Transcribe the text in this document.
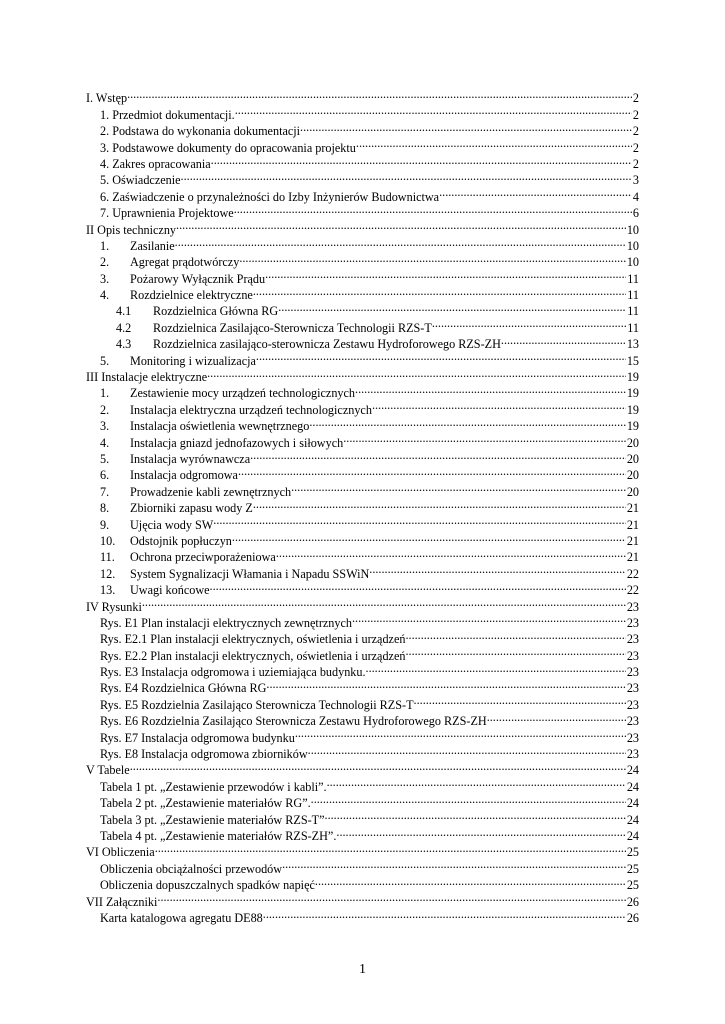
I. Wstęp .....	2
1. Przedmiot dokumentacji. .....	2
2. Podstawa do wykonania dokumentacji .....	2
3. Podstawowe dokumenty do opracowania projektu .....	2
4. Zakres opracowania .....	2
5. Oświadczenie .....	3
6. Zaświadczenie o przynależności do Izby Inżynierów Budownictwa .....	4
7. Uprawnienia Projektowe .....	6
II Opis techniczny .....	10
1.	Zasilanie .....	10
2.	Agregat prądotwórczy .....	10
3.	Pożarowy Wyłącznik Prądu .....	11
4.	Rozdzielnice elektryczne .....	11
4.1	Rozdzielnica Główna RG .....	11
4.2	Rozdzielnica Zasilająco-Sterownicza Technologii RZS-T .....	11
4.3	Rozdzielnica zasilająco-sterownicza Zestawu Hydroforowego RZS-ZH .....	13
5.	Monitoring i wizualizacja .....	15
III Instalacje elektryczne .....	19
1.	Zestawienie mocy urządzeń technologicznych .....	19
2.	Instalacja elektryczna urządzeń technologicznych .....	19
3.	Instalacja oświetlenia wewnętrznego .....	19
4.	Instalacja gniazd jednofazowych i siłowych .....	20
5.	Instalacja wyrównawcza .....	20
6.	Instalacja odgromowa .....	20
7.	Prowadzenie kabli zewnętrznych .....	20
8.	Zbiorniki zapasu wody Z .....	21
9.	Ujęcia wody SW .....	21
10.	Odstojnik popłuczyn .....	21
11.	Ochrona przeciwporażeniowa .....	21
12.	System Sygnalizacji Włamania i Napadu SSWiN .....	22
13.	Uwagi końcowe .....	22
IV Rysunki .....	23
Rys. E1 Plan instalacji elektrycznych zewnętrznych .....	23
Rys. E2.1 Plan instalacji elektrycznych, oświetlenia i urządzeń .....	23
Rys. E2.2 Plan instalacji elektrycznych, oświetlenia i urządzeń .....	23
Rys. E3 Instalacja odgromowa i uziemiająca budynku. .....	23
Rys. E4 Rozdzielnica Główna RG .....	23
Rys. E5 Rozdzielnia Zasilająco Sterownicza Technologii RZS-T .....	23
Rys. E6 Rozdzielnia Zasilająco Sterownicza Zestawu Hydroforowego RZS-ZH .....	23
Rys. E7 Instalacja odgromowa budynku .....	23
Rys. E8 Instalacja odgromowa zbiorników .....	23
V Tabele .....	24
Tabela 1 pt. „Zestawienie przewodów i kabli”. .....	24
Tabela 2 pt. „Zestawienie materiałów RG”. .....	24
Tabela 3 pt. „Zestawienie materiałów RZS-T” .....	24
Tabela 4 pt. „Zestawienie materiałów RZS-ZH”. .....	24
VI Obliczenia .....	25
Obliczenia obciążalności przewodów .....	25
Obliczenia dopuszczalnych spadków napięć .....	25
VII Załączniki .....	26
Karta katalogowa agregatu DE88 .....	26
1
